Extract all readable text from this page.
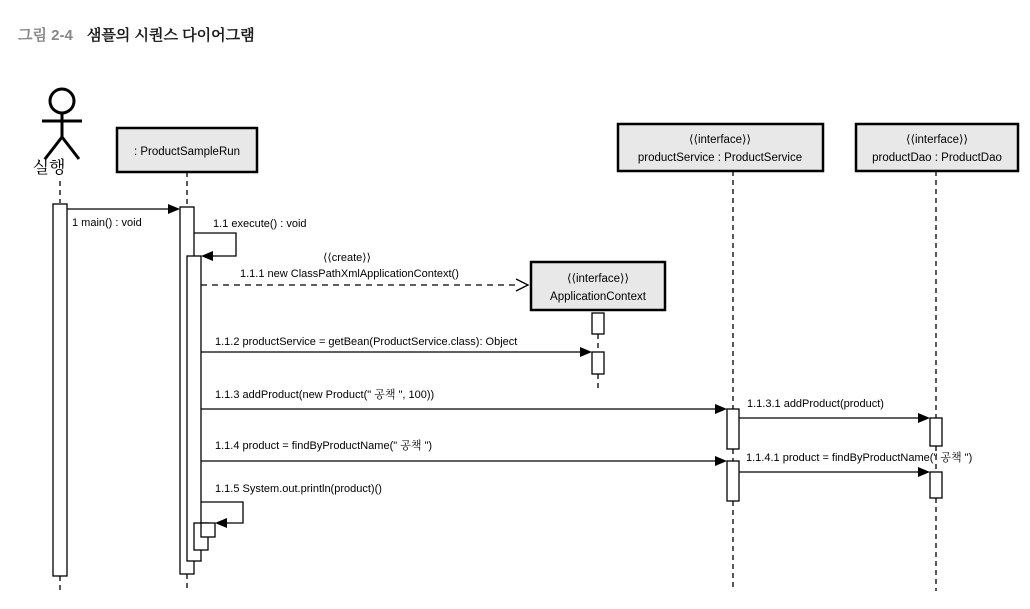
그림 2-4 샘플의 시퀀스 다이어그램
실행
: ProductSampleRun
⟨⟨interface⟩⟩
productService : ProductService
⟨⟨interface⟩⟩
productDao : ProductDao
1 main() : void	1.1 execute() : void
⟨⟨create⟩⟩
1.1.1 new ClassPathXmlApplicationContext()	⟨⟨interface⟩⟩
ApplicationContext
1.1.2 productService = getBean(ProductService.class): Object
1.1.3 addProduct(new Product(" 공책 ", 100))
1.1.3.1 addProduct(product)
1.1.4 product = findByProductName(" 공책 ")
1.1.4.1 product = findByProductName(" 공책 ")
1.1.5 System.out.println(product)()
